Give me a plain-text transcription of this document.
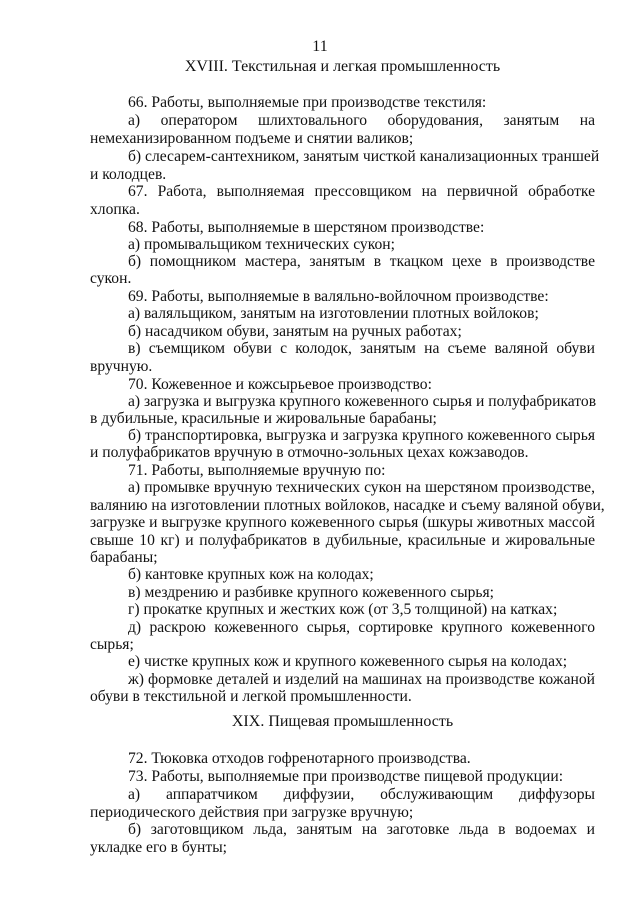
11
XVIII. Текстильная и легкая промышленность
66. Работы, выполняемые при производстве текстиля:
а) оператором шлихтовального оборудования, занятым на
немеханизированном подъеме и снятии валиков;
б) слесарем-сантехником, занятым чисткой канализационных траншей
и колодцев.
67. Работа, выполняемая прессовщиком на первичной обработке
хлопка.
68. Работы, выполняемые в шерстяном производстве:
а) промывальщиком технических сукон;
б) помощником мастера, занятым в ткацком цехе в производстве
сукон.
69. Работы, выполняемые в валяльно-войлочном производстве:
а) валяльщиком, занятым на изготовлении плотных войлоков;
б) насадчиком обуви, занятым на ручных работах;
в) съемщиком обуви с колодок, занятым на съеме валяной обуви
вручную.
70. Кожевенное и кожсырьевое производство:
а) загрузка и выгрузка крупного кожевенного сырья и полуфабрикатов
в дубильные, красильные и жировальные барабаны;
б) транспортировка, выгрузка и загрузка крупного кожевенного сырья
и полуфабрикатов вручную в отмочно-зольных цехах кожзаводов.
71. Работы, выполняемые вручную по:
а) промывке вручную технических сукон на шерстяном производстве,
валянию на изготовлении плотных войлоков, насадке и съему валяной обуви,
загрузке и выгрузке крупного кожевенного сырья (шкуры животных массой
свыше 10 кг) и полуфабрикатов в дубильные, красильные и жировальные
барабаны;
б) кантовке крупных кож на колодах;
в) мездрению и разбивке крупного кожевенного сырья;
г) прокатке крупных и жестких кож (от 3,5 толщиной) на катках;
д) раскрою кожевенного сырья, сортировке крупного кожевенного
сырья;
е) чистке крупных кож и крупного кожевенного сырья на колодах;
ж) формовке деталей и изделий на машинах на производстве кожаной
обуви в текстильной и легкой промышленности.
XIX. Пищевая промышленность
72. Тюковка отходов гофренотарного производства.
73. Работы, выполняемые при производстве пищевой продукции:
а) аппаратчиком диффузии, обслуживающим диффузоры
периодического действия при загрузке вручную;
б) заготовщиком льда, занятым на заготовке льда в водоемах и
укладке его в бунты;
